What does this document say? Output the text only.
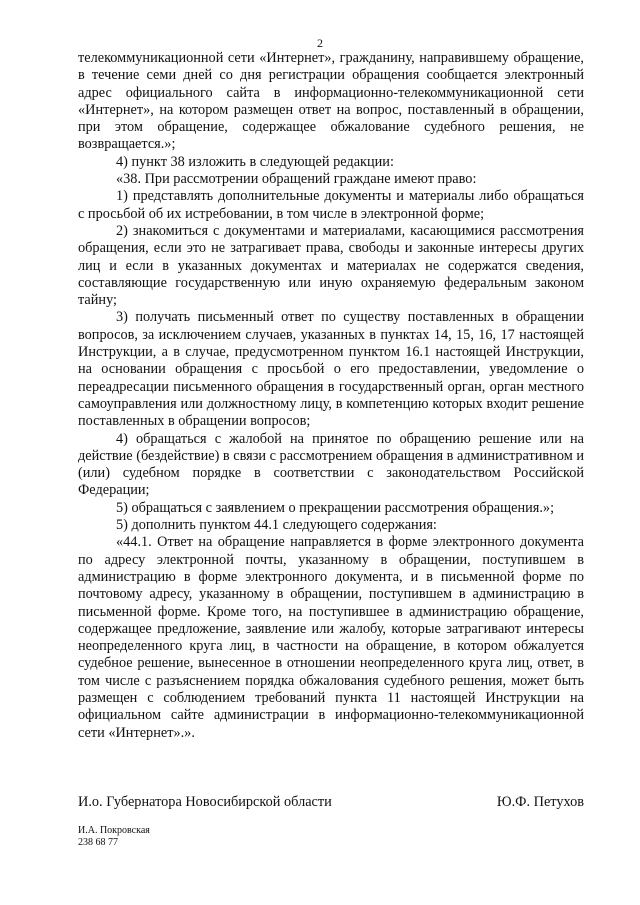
2

телекоммуникационной сети «Интернет», гражданину, направившему обращение, в течение семи дней со дня регистрации обращения сообщается электронный адрес официального сайта в информационно-телекоммуникационной сети «Интернет», на котором размещен ответ на вопрос, поставленный в обращении, при этом обращение, содержащее обжалование судебного решения, не возвращается.»;

4) пункт 38 изложить в следующей редакции:

«38. При рассмотрении обращений граждане имеют право:

1) представлять дополнительные документы и материалы либо обращаться с просьбой об их истребовании, в том числе в электронной форме;

2) знакомиться с документами и материалами, касающимися рассмотрения обращения, если это не затрагивает права, свободы и законные интересы других лиц и если в указанных документах и материалах не содержатся сведения, составляющие государственную или иную охраняемую федеральным законом тайну;

3) получать письменный ответ по существу поставленных в обращении вопросов, за исключением случаев, указанных в пунктах 14, 15, 16, 17 настоящей Инструкции, а в случае, предусмотренном пунктом 16.1 настоящей Инструкции, на основании обращения с просьбой о его предоставлении, уведомление о переадресации письменного обращения в государственный орган, орган местного самоуправления или должностному лицу, в компетенцию которых входит решение поставленных в обращении вопросов;

4) обращаться с жалобой на принятое по обращению решение или на действие (бездействие) в связи с рассмотрением обращения в административном и (или) судебном порядке в соответствии с законодательством Российской Федерации;

5) обращаться с заявлением о прекращении рассмотрения обращения.»;

5) дополнить пунктом 44.1 следующего содержания:

«44.1. Ответ на обращение направляется в форме электронного документа по адресу электронной почты, указанному в обращении, поступившем в администрацию в форме электронного документа, и в письменной форме по почтовому адресу, указанному в обращении, поступившем в администрацию в письменной форме. Кроме того, на поступившее в администрацию обращение, содержащее предложение, заявление или жалобу, которые затрагивают интересы неопределенного круга лиц, в частности на обращение, в котором обжалуется судебное решение, вынесенное в отношении неопределенного круга лиц, ответ, в том числе с разъяснением порядка обжалования судебного решения, может быть размещен с соблюдением требований пункта 11 настоящей Инструкции на официальном сайте администрации в информационно-телекоммуникационной сети «Интернет».».

И.о. Губернатора Новосибирской области	Ю.Ф. Петухов
И.А. Покровская
238 68 77
